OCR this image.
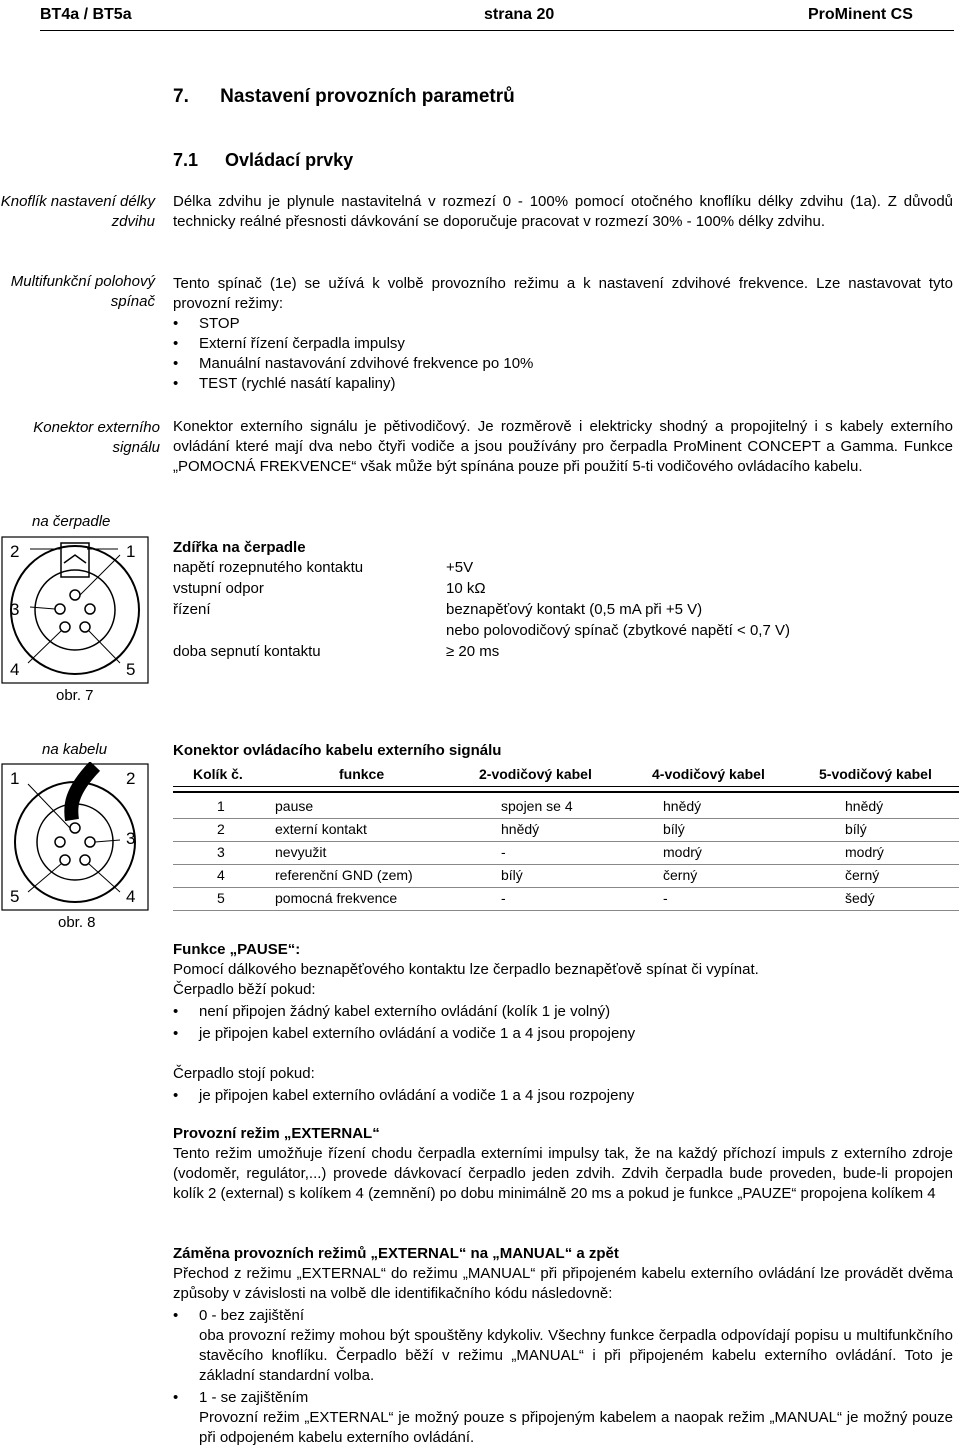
BT4a / BT5a	strana 20	ProMinent CS
7. Nastavení provozních parametrů
7.1 Ovládací prvky
Knoflík nastavení délky zdvihu
Multifunkční polohový spínač
Konektor externího signálu
Délka zdvihu je plynule nastavitelná v rozmezí 0 - 100% pomocí otočného knoflíku délky zdvihu (1a). Z důvodů technicky reálné přesnosti dávkování se doporučuje pracovat v rozmezí 30% - 100% délky zdvihu.
Tento spínač (1e) se užívá k volbě provozního režimu a k nastavení zdvihové frekvence. Lze nastavovat tyto provozní režimy:
• STOP
• Externí řízení čerpadla impulsy
• Manuální nastavování zdvihové frekvence po 10%
• TEST (rychlé nasátí kapaliny)
Konektor externího signálu je pětivodičový. Je rozměrově i elektricky shodný a propojitelný i s kabely externího ovládání které mají dva nebo čtyři vodiče a jsou používány pro čerpadla ProMinent CONCEPT a Gamma. Funkce „POMOCNÁ FREKVENCE“ však může být spínána pouze při použití 5-ti vodičového ovládacího kabelu.
na čerpadle
2	1
3
4	5
obr. 7
Zdířka na čerpadle
napětí rozepnutého kontaktu	+5V
vstupní odpor	10 kΩ
řízení	beznapěťový kontakt (0,5 mA při +5 V)
nebo polovodičový spínač (zbytkové napětí < 0,7 V)
doba sepnutí kontaktu	≥ 20 ms
na kabelu
1	2
3
5	4
obr. 8
Konektor ovládacího kabelu externího signálu
Kolík č.	funkce	2-vodičový kabel	4-vodičový kabel	5-vodičový kabel
1	pause	spojen se 4	hnědý	hnědý
2	externí kontakt	hnědý	bílý	bílý
3	nevyužit	-	modrý	modrý
4	referenční GND (zem)	bílý	černý	černý
5	pomocná frekvence	-	-	šedý
Funkce „PAUSE“:
Pomocí dálkového beznapěťového kontaktu lze čerpadlo beznapěťově spínat či vypínat.
Čerpadlo běží pokud:
• není připojen žádný kabel externího ovládání (kolík 1 je volný)
• je připojen kabel externího ovládání a vodiče 1 a 4 jsou propojeny
Čerpadlo stojí pokud:
• je připojen kabel externího ovládání a vodiče 1 a 4 jsou rozpojeny
Provozní režim „EXTERNAL“
Tento režim umožňuje řízení chodu čerpadla externími impulsy tak, že na každý příchozí impuls z externího zdroje (vodoměr, regulátor,...) provede dávkovací čerpadlo jeden zdvih. Zdvih čerpadla bude proveden, bude-li propojen kolík 2 (external) s kolíkem 4 (zemnění) po dobu minimálně 20 ms a pokud je funkce „PAUZE“ propojena kolíkem 4
Záměna provozních režimů „EXTERNAL“ na „MANUAL“ a zpět
Přechod z režimu „EXTERNAL“ do režimu „MANUAL“ při připojeném kabelu externího ovládání lze provádět dvěma způsoby v závislosti na volbě dle identifikačního kódu následovně:
• 0 - bez zajištění
oba provozní režimy mohou být spouštěny kdykoliv. Všechny funkce čerpadla odpovídají popisu u multifunkčního stavěcího knoflíku. Čerpadlo běží v režimu „MANUAL“ i při připojeném kabelu externího ovládání. Toto je základní standardní volba.
• 1 - se zajištěním
Provozní režim „EXTERNAL“ je možný pouze s připojeným kabelem a naopak režim „MANUAL“ je možný pouze při odpojeném kabelu externího ovládání.
